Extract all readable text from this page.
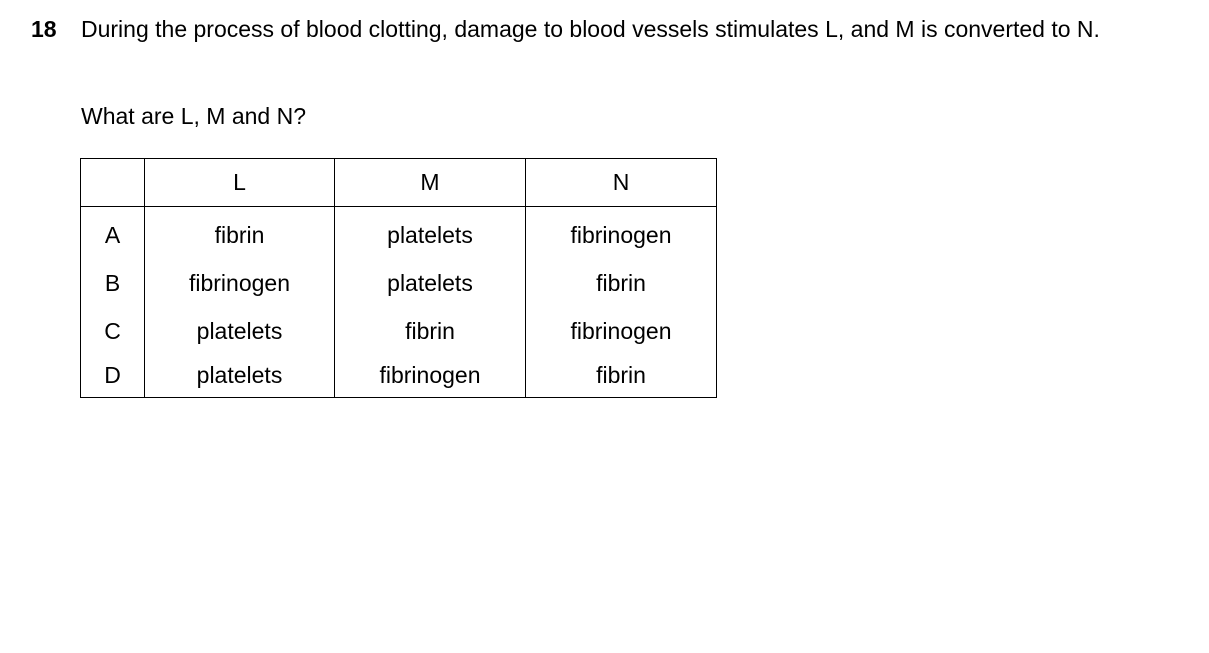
18 During the process of blood clotting, damage to blood vessels stimulates L, and M is converted to N.
What are L, M and N?
	L	M	N
A	fibrin	platelets	fibrinogen
B	fibrinogen	platelets	fibrin
C	platelets	fibrin	fibrinogen
D	platelets	fibrinogen	fibrin
